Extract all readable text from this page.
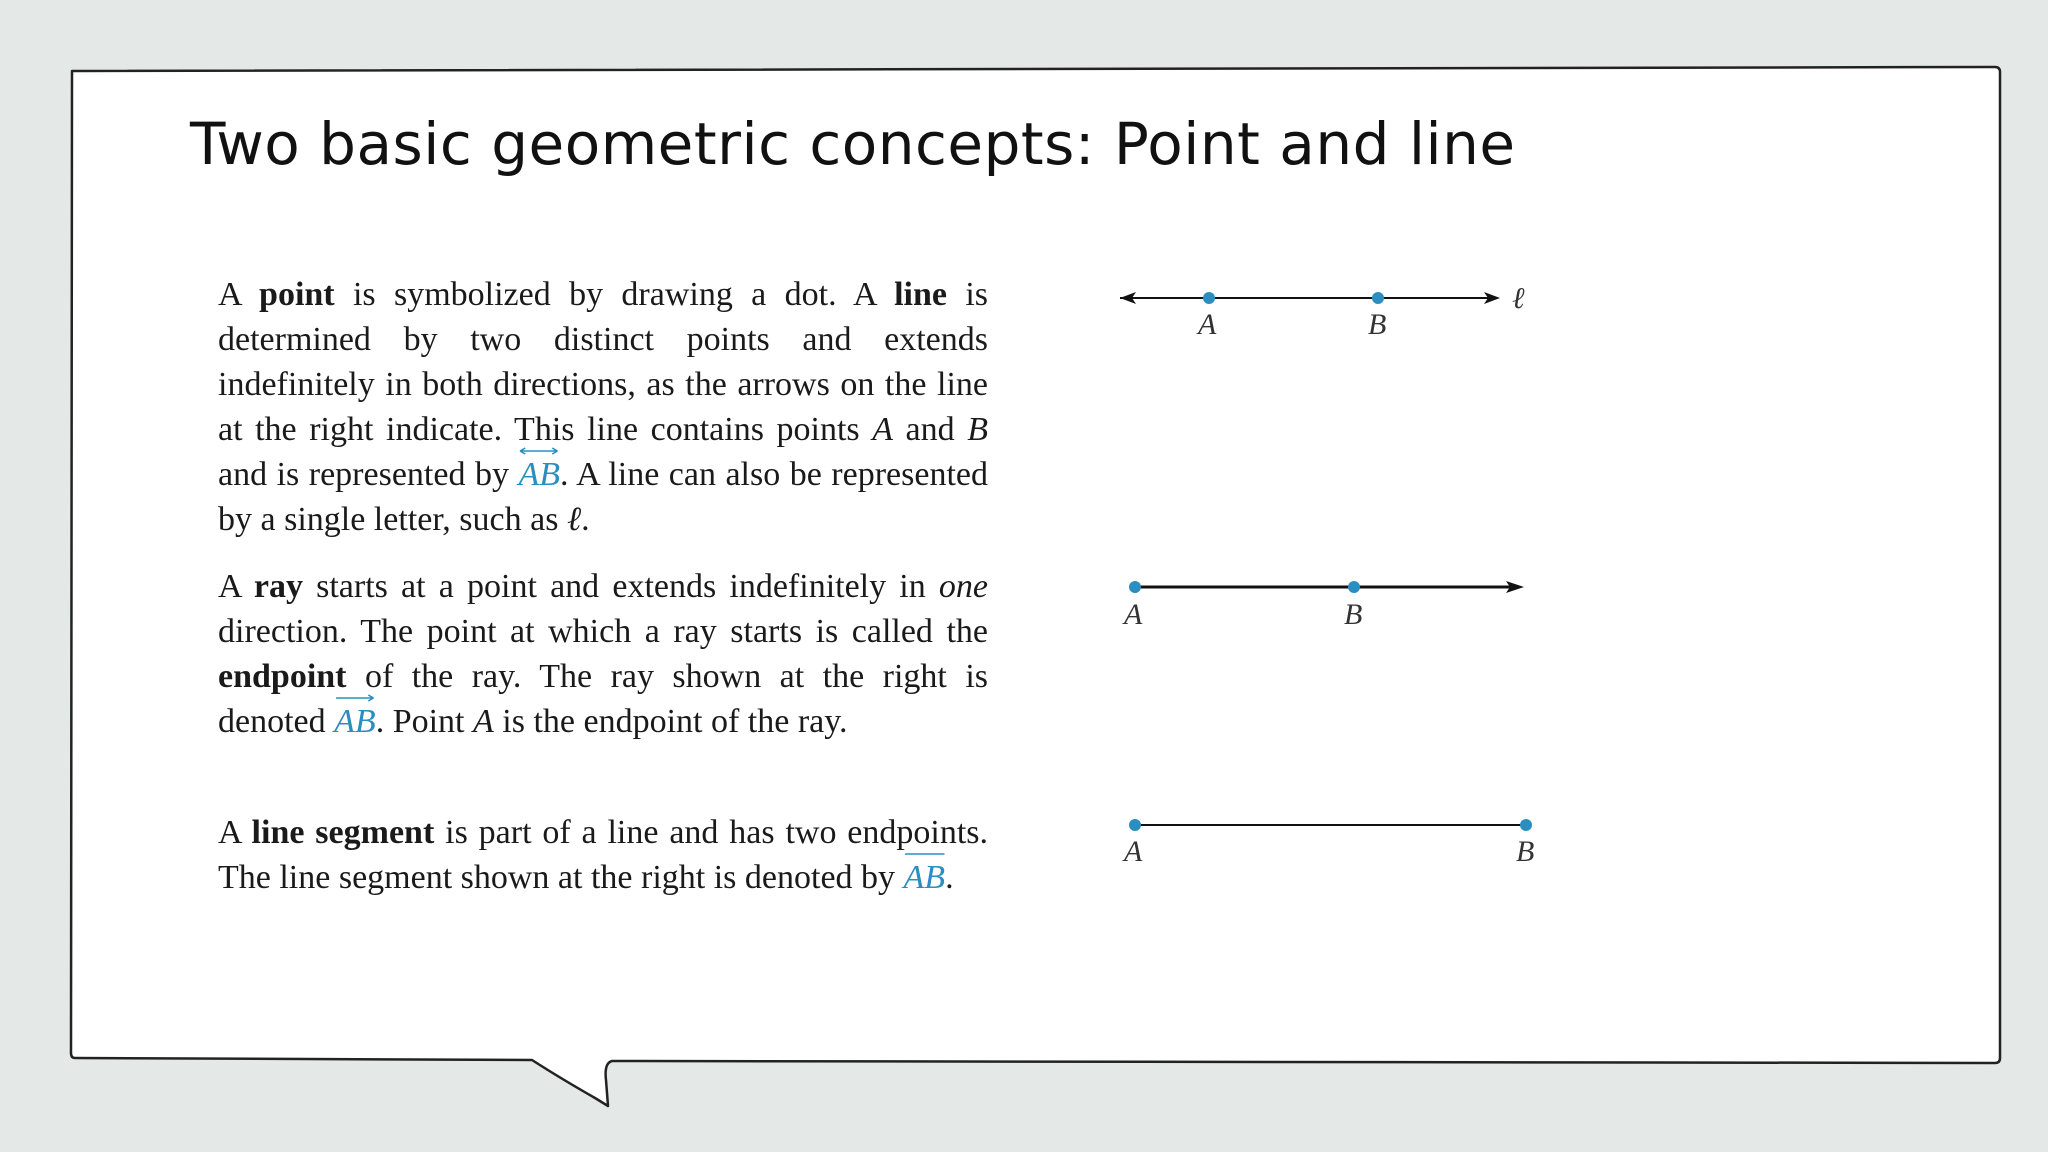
Two basic geometric concepts: Point and line
A point is symbolized by drawing a dot. A line is determined by two distinct points and extends indefinitely in both directions, as the arrows on the line at the right indicate. This line contains points A and B and is represented by
AB. A line can also be represented by a single letter, such as ℓ.
A ray starts at a point and extends indefinitely in one direction. The point at which a ray starts is called the endpoint of the ray. The ray shown at the right is denoted
AB. Point A is the endpoint of the ray.
A line segment is part of a line and has two endpoints. The line segment shown at the right is denoted by
AB.
A	B
ℓ
A	B
A	B
